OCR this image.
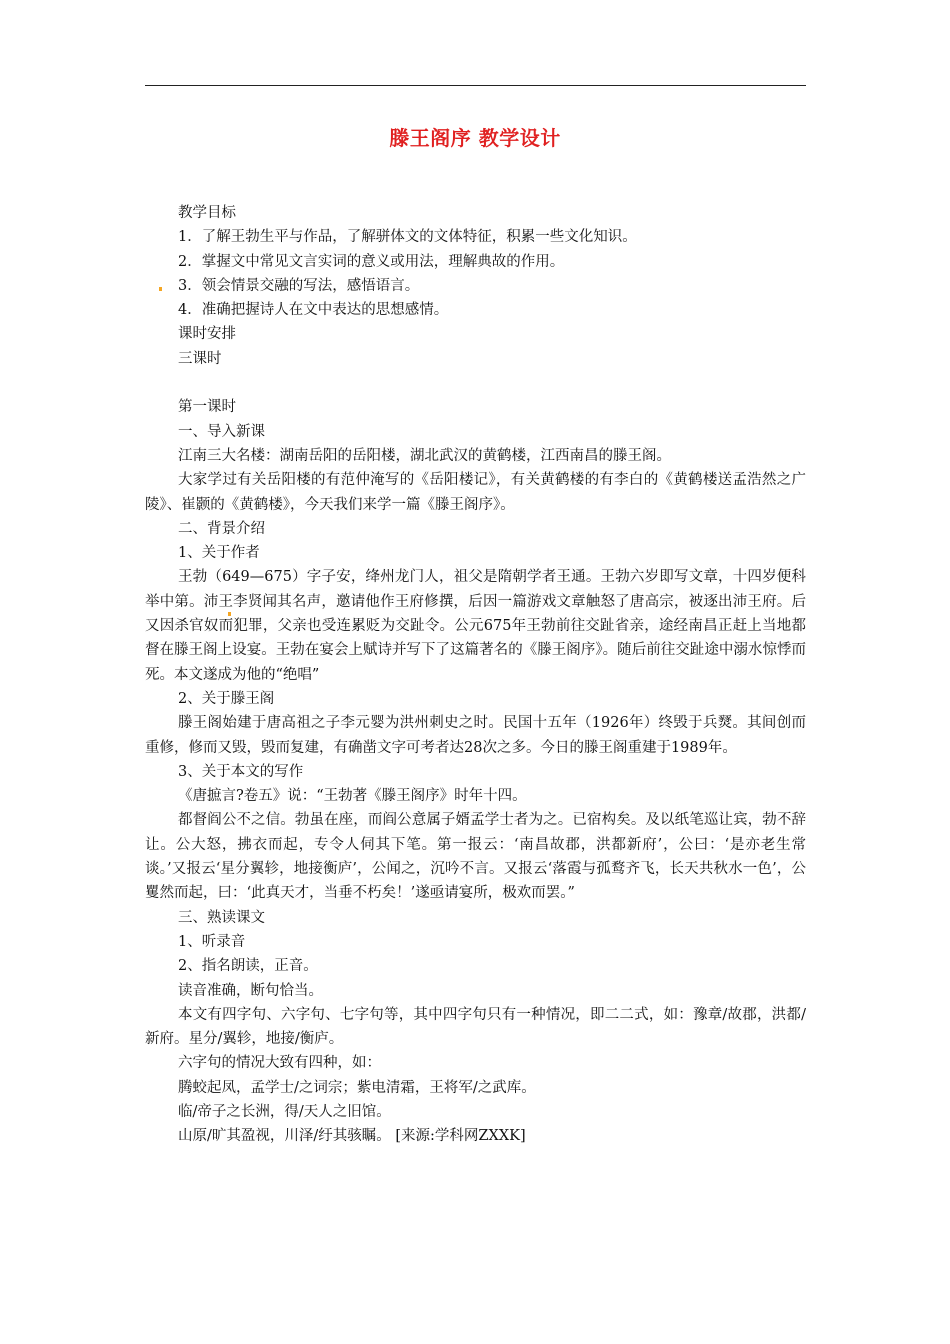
滕王阁序 教学设计

教学目标

1．了解王勃生平与作品，了解骈体文的文体特征，积累一些文化知识。

2．掌握文中常见文言实词的意义或用法，理解典故的作用。

3．领会情景交融的写法，感悟语言。

4．准确把握诗人在文中表达的思想感情。

课时安排

三课时

第一课时

一、导入新课

江南三大名楼：湖南岳阳的岳阳楼，湖北武汉的黄鹤楼，江西南昌的滕王阁。

大家学过有关岳阳楼的有范仲淹写的《岳阳楼记》，有关黄鹤楼的有李白的《黄鹤楼送孟浩然之广陵》、崔颢的《黄鹤楼》，今天我们来学一篇《滕王阁序》。

二、背景介绍

1、关于作者

王勃（649—675）字子安，绛州龙门人，祖父是隋朝学者王通。王勃六岁即写文章，十四岁便科举中第。沛王李贤闻其名声，邀请他作王府修撰，后因一篇游戏文章触怒了唐高宗，被逐出沛王府。后又因杀官奴而犯罪，父亲也受连累贬为交趾令。公元675年王勃前往交趾省亲，途经南昌正赶上当地都督在滕王阁上设宴。王勃在宴会上赋诗并写下了这篇著名的《滕王阁序》。随后前往交趾途中溺水惊悸而死。本文遂成为他的“绝唱”

2、关于滕王阁

滕王阁始建于唐高祖之子李元婴为洪州刺史之时。民国十五年（1926年）终毁于兵燹。其间创而重修，修而又毁，毁而复建，有确凿文字可考者达28次之多。今日的滕王阁重建于1989年。

3、关于本文的写作

《唐摭言?卷五》说：“王勃著《滕王阁序》时年十四。

都督阎公不之信。勃虽在座，而阎公意属子婿孟学士者为之。已宿构矣。及以纸笔巡让宾，勃不辞让。公大怒，拂衣而起，专令人伺其下笔。第一报云：‘南昌故郡，洪都新府’，公曰：‘是亦老生常谈。’又报云‘星分翼轸，地接衡庐’，公闻之，沉吟不言。又报云‘落霞与孤鹜齐飞，长天共秋水一色’，公矍然而起，曰：‘此真天才，当垂不朽矣！’遂亟请宴所，极欢而罢。”

三、熟读课文

1、听录音

2、指名朗读，正音。

读音准确，断句恰当。

本文有四字句、六字句、七字句等，其中四字句只有一种情况，即二二式，如：豫章/故郡，洪都/新府。星分/翼轸，地接/衡庐。

六字句的情况大致有四种，如：

腾蛟起凤，孟学士/之词宗；紫电清霜，王将军/之武库。

临/帝子之长洲，得/天人之旧馆。

山原/旷其盈视，川泽/纡其骇瞩。 [来源:学科网ZXXK]
